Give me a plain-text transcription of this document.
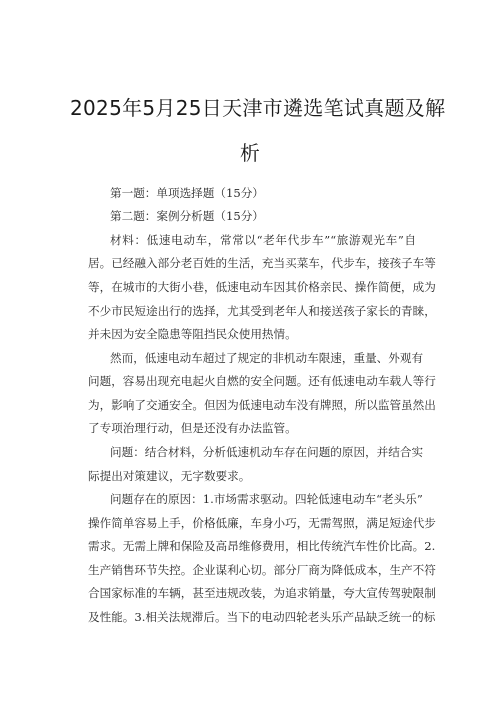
2025年5月25日天津市遴选笔试真题及解
析
第一题：单项选择题（15分）
第二题：案例分析题（15分）
材料：低速电动车，常常以“老年代步车”“旅游观光车”自
居。已经融入部分老百姓的生活，充当买菜车，代步车，接孩子车等
等，在城市的大街小巷，低速电动车因其价格亲民、操作简便，成为
不少市民短途出行的选择，尤其受到老年人和接送孩子家长的青睐，
并未因为安全隐患等阻挡民众使用热情。
然而，低速电动车超过了规定的非机动车限速，重量、外观有
问题，容易出现充电起火自燃的安全问题。还有低速电动车载人等行
为，影响了交通安全。但因为低速电动车没有牌照，所以监管虽然出
了专项治理行动，但是还没有办法监管。
问题：结合材料，分析低速机动车存在问题的原因，并结合实
际提出对策建议，无字数要求。
问题存在的原因：1.市场需求驱动。四轮低速电动车“老头乐”
操作简单容易上手，价格低廉，车身小巧，无需驾照，满足短途代步
需求。无需上牌和保险及高昂维修费用，相比传统汽车性价比高。2.
生产销售环节失控。企业谋利心切。部分厂商为降低成本，生产不符
合国家标准的车辆，甚至违规改装，为追求销量，夸大宣传驾驶限制
及性能。3.相关法规滞后。当下的电动四轮老头乐产品缺乏统一的标
